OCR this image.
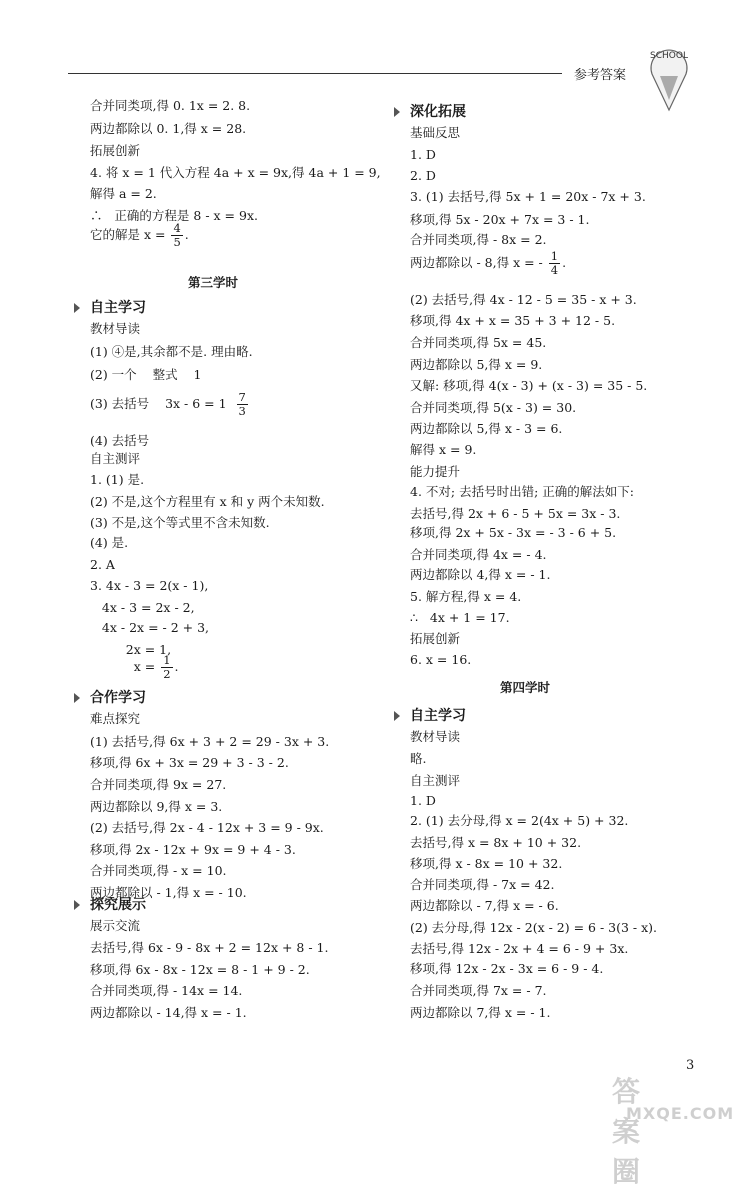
参考答案
SCHOOL
合并同类项,得 0. 1x = 2. 8.
两边都除以 0. 1,得 x = 28.
拓展创新
4. 将 x = 1 代入方程 4a + x = 9x,得 4a + 1 = 9,
解得 a = 2.
∴   正确的方程是 8 - x = 9x.
它的解是 $x = \frac{4}{5}$ .
自主学习
教材导读
(1) ④是,其余都不是. 理由略.
(2) 一个    整式    1
(3) 去括号    $3x - 6 = 1 \frac{7}{3}$
(4) 去括号
自主测评
1. (1) 是.
(2) 不是,这个方程里有 x 和 y 两个未知数.
(3) 不是,这个等式里不含未知数.
(4) 是.
2. A
3. 4x - 3 = 2(x - 1),
4x - 3 = 2x - 2,
4x - 2x = - 2 + 3,
2x = 1,
$x = \frac{1}{2}$ .
合作学习
难点探究
(1) 去括号,得 6x + 3 + 2 = 29 - 3x + 3.
移项,得 6x + 3x = 29 + 3 - 3 - 2.
合并同类项,得 9x = 27.
两边都除以 9,得 x = 3.
(2) 去括号,得 2x - 4 - 12x + 3 = 9 - 9x.
移项,得 2x - 12x + 9x = 9 + 4 - 3.
合并同类项,得 - x = 10.
两边都除以 - 1,得 x = - 10.
探究展示
展示交流
去括号,得 6x - 9 - 8x + 2 = 12x + 8 - 1.
移项,得 6x - 8x - 12x = 8 - 1 + 9 - 2.
合并同类项,得 - 14x = 14.
两边都除以 - 14,得 x = - 1.
深化拓展
基础反思
1. D
2. D
3. (1) 去括号,得 5x + 1 = 20x - 7x + 3.
移项,得 5x - 20x + 7x = 3 - 1.
合并同类项,得 - 8x = 2.
两边都除以 - 8,得 x = - $\frac{1}{4}$ .
(2) 去括号,得 4x - 12 - 5 = 35 - x + 3.
移项,得 4x + x = 35 + 3 + 12 - 5.
合并同类项,得 5x = 45.
两边都除以 5,得 x = 9.
又解: 移项,得 4(x - 3) + (x - 3) = 35 - 5.
合并同类项,得 5(x - 3) = 30.
两边都除以 5,得 x - 3 = 6.
解得 x = 9.
能力提升
4. 不对; 去括号时出错; 正确的解法如下:
去括号,得 2x + 6 - 5 + 5x = 3x - 3.
移项,得 2x + 5x - 3x = - 3 - 6 + 5.
合并同类项,得 4x = - 4.
两边都除以 4,得 x = - 1.
5. 解方程,得 x = 4.
∴   4x + 1 = 17.
拓展创新
6. x = 16.
自主学习
教材导读
略.
自主测评
1. D
2. (1) 去分母,得 x = 2(4x + 5) + 32.
去括号,得 x = 8x + 10 + 32.
移项,得 x - 8x = 10 + 32.
合并同类项,得 - 7x = 42.
两边都除以 - 7,得 x = - 6.
(2) 去分母,得 12x - 2(x - 2) = 6 - 3(3 - x).
去括号,得 12x - 2x + 4 = 6 - 9 + 3x.
移项,得 12x - 2x - 3x = 6 - 9 - 4.
合并同类项,得 7x = - 7.
两边都除以 7,得 x = - 1.
3
答案圈
MXQE.COM
第三学时
第四学时
